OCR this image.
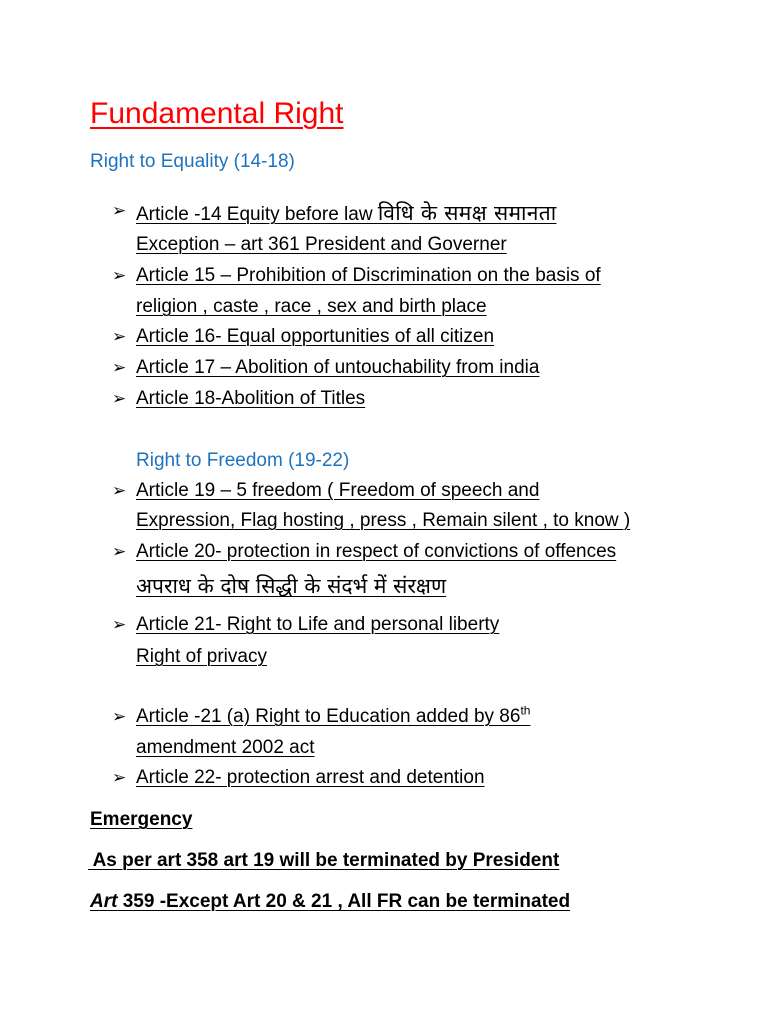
Fundamental Right
Right to Equality (14-18)
➢ Article -14 Equity before law विधि के समक्ष समानता
Exception – art 361 President and Governer
➢ Article 15 – Prohibition of Discrimination on the basis of
religion , caste , race , sex and birth place
➢ Article 16- Equal opportunities of all citizen
➢ Article 17 – Abolition of untouchability from india
➢ Article 18-Abolition of Titles
Right to Freedom (19-22)
➢ Article 19 – 5 freedom ( Freedom of speech and
Expression, Flag hosting , press , Remain silent , to know )
➢ Article 20- protection in respect of convictions of offences
अपराध के दोष सिद्धी के संदर्भ में संरक्षण
➢ Article 21- Right to Life and personal liberty
Right of privacy
➢ Article -21 (a) Right to Education added by 86th
amendment 2002 act
➢ Article 22- protection arrest and detention
Emergency
As per art 358 art 19 will be terminated by President
Art 359 -Except Art 20 & 21 , All FR can be terminated
